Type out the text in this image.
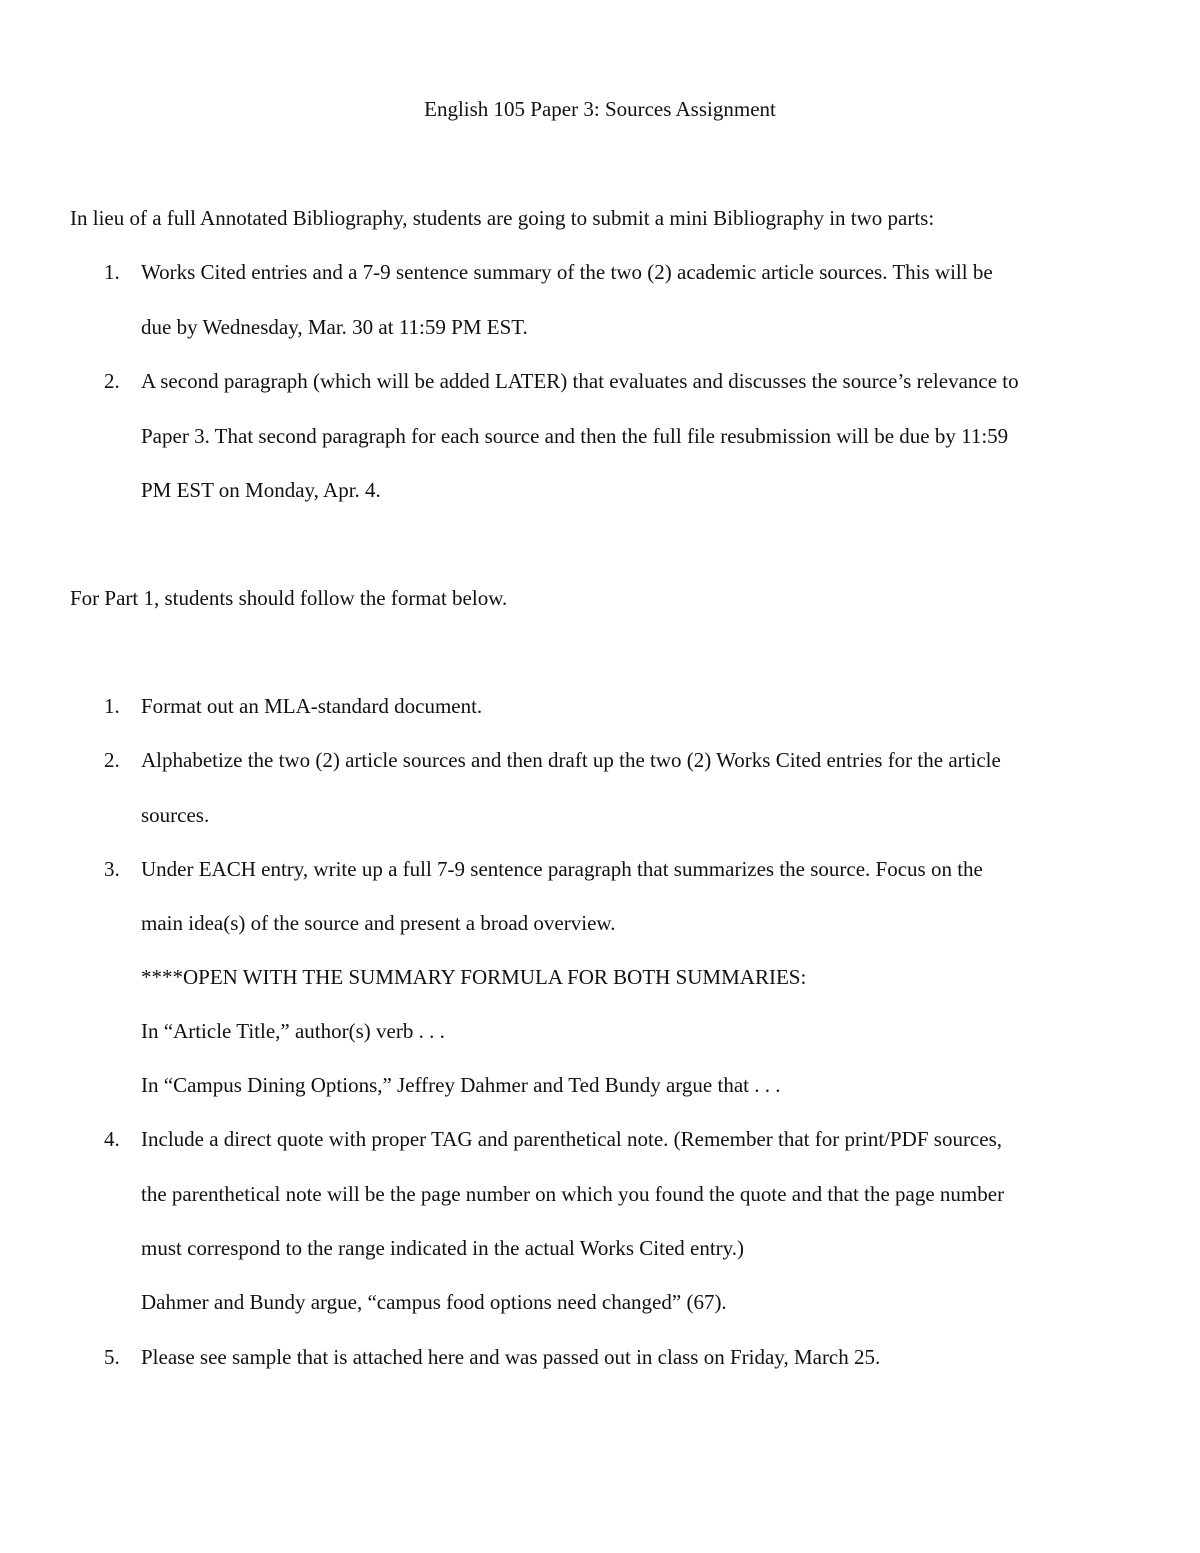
English 105 Paper 3: Sources Assignment
In lieu of a full Annotated Bibliography, students are going to submit a mini Bibliography in two parts:
1.	Works Cited entries and a 7-9 sentence summary of the two (2) academic article sources. This will be
due by Wednesday, Mar. 30 at 11:59 PM EST.
2.	A second paragraph (which will be added LATER) that evaluates and discusses the source’s relevance to
Paper 3. That second paragraph for each source and then the full file resubmission will be due by 11:59
PM EST on Monday, Apr. 4.
For Part 1, students should follow the format below.
1.	Format out an MLA-standard document.
2.	Alphabetize the two (2) article sources and then draft up the two (2) Works Cited entries for the article
sources.
3.	Under EACH entry, write up a full 7-9 sentence paragraph that summarizes the source. Focus on the
main idea(s) of the source and present a broad overview.
****OPEN WITH THE SUMMARY FORMULA FOR BOTH SUMMARIES:
In “Article Title,” author(s) verb . . .
In “Campus Dining Options,” Jeffrey Dahmer and Ted Bundy argue that . . .
4.	Include a direct quote with proper TAG and parenthetical note. (Remember that for print/PDF sources,
the parenthetical note will be the page number on which you found the quote and that the page number
must correspond to the range indicated in the actual Works Cited entry.)
Dahmer and Bundy argue, “campus food options need changed” (67).
5.	Please see sample that is attached here and was passed out in class on Friday, March 25.
